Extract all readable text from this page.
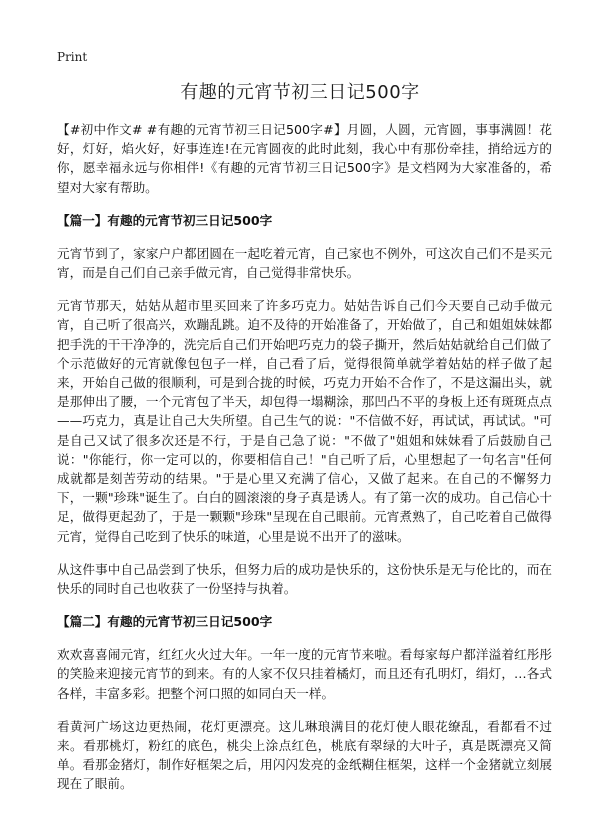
Print
有趣的元宵节初三日记500字

【#初中作文# #有趣的元宵节初三日记500字#】月圆，人圆，元宵圆，事事满圆！花好，灯好，焰火好，好事连连!在元宵圆夜的此时此刻，我心中有那份牵挂，捎给远方的你，愿幸福永远与你相伴!《有趣的元宵节初三日记500字》是文档网为大家准备的，希望对大家有帮助。

【篇一】有趣的元宵节初三日记500字

元宵节到了，家家户户都团圆在一起吃着元宵，自己家也不例外，可这次自己们不是买元宵，而是自己们自己亲手做元宵，自己觉得非常快乐。

元宵节那天，姑姑从超市里买回来了许多巧克力。姑姑告诉自己们今天要自己动手做元宵，自己听了很高兴，欢蹦乱跳。迫不及待的开始准备了，开始做了，自己和姐姐妹妹都把手洗的干干净净的，洗完后自己们开始吧巧克力的袋子撕开，然后姑姑就给自己们做了个示范做好的元宵就像包包子一样，自己看了后，觉得很简单就学着姑姑的样子做了起来，开始自己做的很顺利，可是到合拢的时候，巧克力开始不合作了，不是这漏出头，就是那伸出了腰，一个元宵包了半天，却包得一塌糊涂，那凹凸不平的身板上还有斑斑点点——巧克力，真是让自己大失所望。自己生气的说："不信做不好，再试试，再试试。"可是自己又试了很多次还是不行，于是自己急了说："不做了"姐姐和妹妹看了后鼓励自己说："你能行，你一定可以的，你要相信自己！"自己听了后，心里想起了一句名言"任何成就都是刻苦劳动的结果。"于是心里又充满了信心，又做了起来。在自己的不懈努力下，一颗"珍珠"诞生了。白白的圆滚滚的身子真是诱人。有了第一次的成功。自己信心十足，做得更起劲了，于是一颗颗"珍珠"呈现在自己眼前。元宵煮熟了，自己吃着自己做得元宵，觉得自己吃到了快乐的味道，心里是说不出开了的滋味。

从这件事中自己品尝到了快乐，但努力后的成功是快乐的，这份快乐是无与伦比的，而在快乐的同时自己也收获了一份坚持与执着。

【篇二】有趣的元宵节初三日记500字

欢欢喜喜闹元宵，红红火火过大年。一年一度的元宵节来啦。看每家每户都洋溢着红彤彤的笑脸来迎接元宵节的到来。有的人家不仅只挂着橘灯，而且还有孔明灯，绢灯，…各式各样，丰富多彩。把整个河口照的如同白天一样。

看黄河广场这边更热闹，花灯更漂亮。这儿琳琅满目的花灯使人眼花缭乱，看都看不过来。看那桃灯，粉红的底色，桃尖上涂点红色，桃底有翠绿的大叶子，真是既漂亮又简单。看那金猪灯，制作好框架之后，用闪闪发亮的金纸糊住框架，这样一个金猪就立刻展现在了眼前。
